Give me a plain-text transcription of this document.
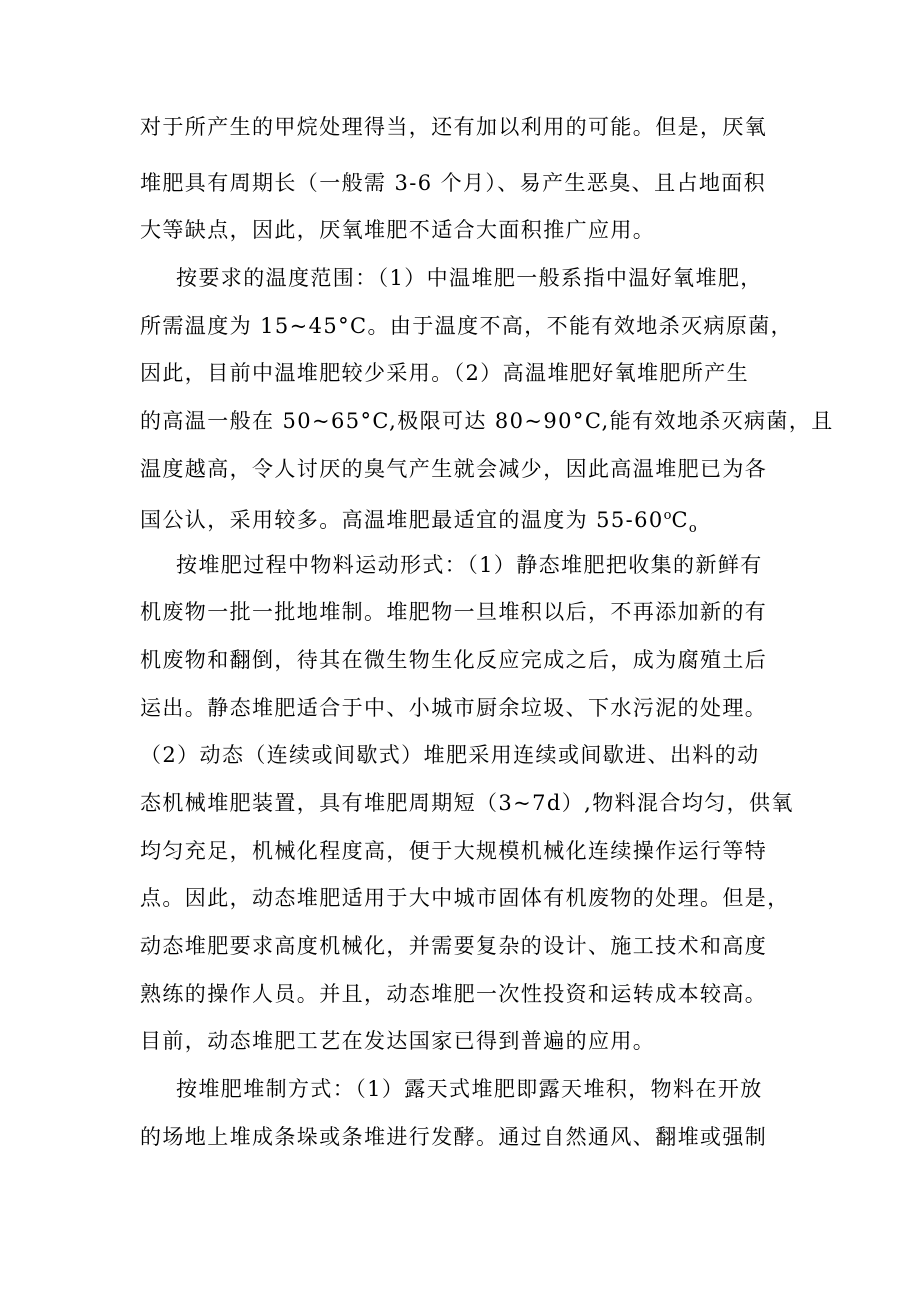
对于所产生的甲烷处理得当，还有加以利用的可能。但是，厌氧
堆肥具有周期长（一般需 3-6 个月）、易产生恶臭、且占地面积
大等缺点，因此，厌氧堆肥不适合大面积推广应用。
按要求的温度范围：（1）中温堆肥一般系指中温好氧堆肥，
所需温度为 15~45°C。由于温度不高，不能有效地杀灭病原菌，
因此，目前中温堆肥较少采用。（2）高温堆肥好氧堆肥所产生
的高温一般在 50~65°C,极限可达 80~90°C,能有效地杀灭病菌，且
温度越高，令人讨厌的臭气产生就会减少，因此高温堆肥已为各
国公认，采用较多。高温堆肥最适宜的温度为 $55-60^oC_o$
按堆肥过程中物料运动形式：（1）静态堆肥把收集的新鲜有
机废物一批一批地堆制。堆肥物一旦堆积以后，不再添加新的有
机废物和翻倒，待其在微生物生化反应完成之后，成为腐殖土后
运出。静态堆肥适合于中、小城市厨余垃圾、下水污泥的处理。
（2）动态（连续或间歇式）堆肥采用连续或间歇进、出料的动
态机械堆肥装置，具有堆肥周期短（3~7d）,物料混合均匀，供氧
均匀充足，机械化程度高，便于大规模机械化连续操作运行等特
点。因此，动态堆肥适用于大中城市固体有机废物的处理。但是，
动态堆肥要求高度机械化，并需要复杂的设计、施工技术和高度
熟练的操作人员。并且，动态堆肥一次性投资和运转成本较高。
目前，动态堆肥工艺在发达国家已得到普遍的应用。
按堆肥堆制方式：（1）露天式堆肥即露天堆积，物料在开放
的场地上堆成条垛或条堆进行发酵。通过自然通风、翻堆或强制
